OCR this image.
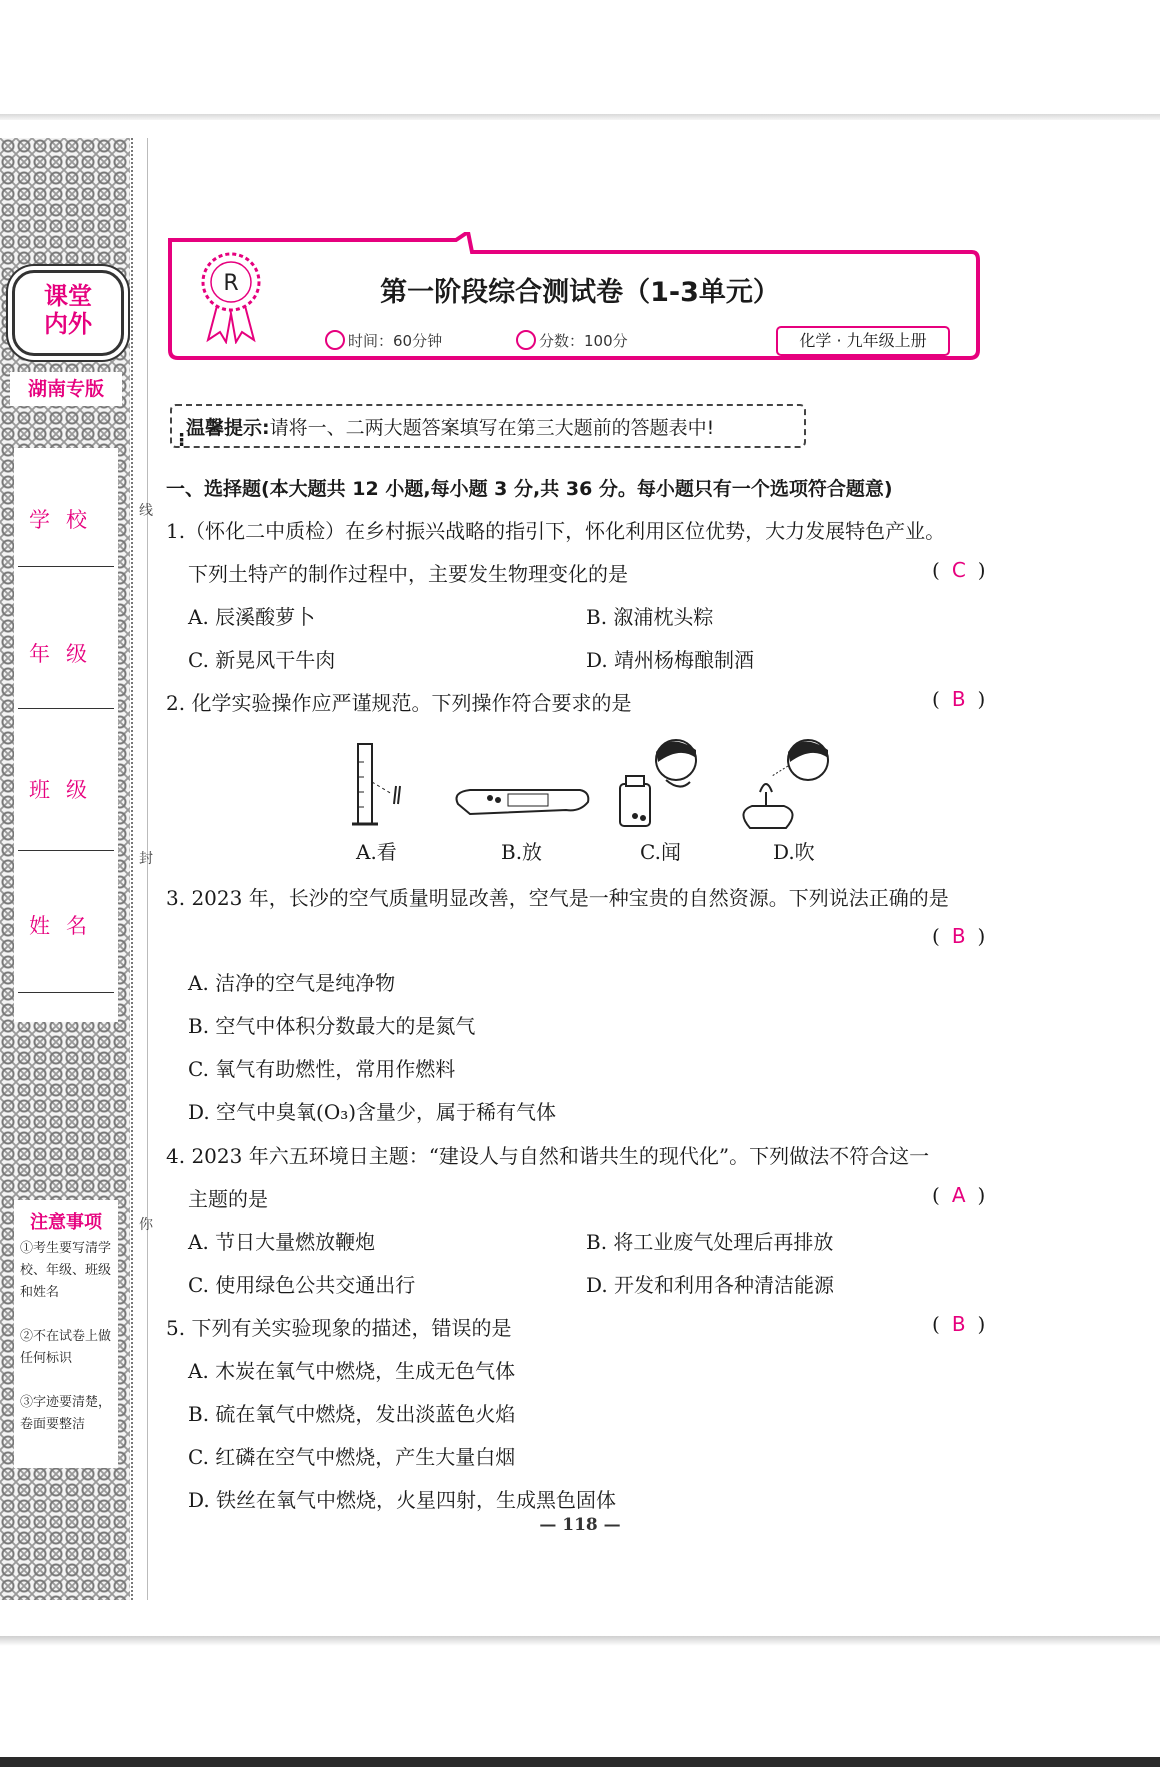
课堂
内外
湖南专版
学校
年级
班级
姓名
注意事项
①考生要写清学校、年级、班级和姓名
②不在试卷上做任何标识
③字迹要清楚，卷面要整洁
线
封
你
R	第一阶段综合测试卷（1-3单元）
时间：60分钟	分数：100分	化学 · 九年级上册
⁝
温馨提示:请将一、二两大题答案填写在第三大题前的答题表中!
一、选择题(本大题共 12 小题,每小题 3 分,共 36 分。每小题只有一个选项符合题意)
1.（怀化二中质检）在乡村振兴战略的指引下，怀化利用区位优势，大力发展特色产业。
下列土特产的制作过程中，主要发生物理变化的是	( C )
A. 辰溪酸萝卜	B. 溆浦枕头粽
C. 新晃风干牛肉	D. 靖州杨梅酿制酒
2. 化学实验操作应严谨规范。下列操作符合要求的是	( B )
A.看	B.放	C.闻	D.吹
3. 2023 年，长沙的空气质量明显改善，空气是一种宝贵的自然资源。下列说法正确的是
( B )
A. 洁净的空气是纯净物
B. 空气中体积分数最大的是氮气
C. 氧气有助燃性，常用作燃料
D. 空气中臭氧(O₃)含量少，属于稀有气体
4. 2023 年六五环境日主题：“建设人与自然和谐共生的现代化”。下列做法不符合这一
主题的是	( A )
A. 节日大量燃放鞭炮	B. 将工业废气处理后再排放
C. 使用绿色公共交通出行	D. 开发和利用各种清洁能源
5. 下列有关实验现象的描述，错误的是	( B )
A. 木炭在氧气中燃烧，生成无色气体
B. 硫在氧气中燃烧，发出淡蓝色火焰
C. 红磷在空气中燃烧，产生大量白烟
D. 铁丝在氧气中燃烧，火星四射，生成黑色固体
— 118 —
